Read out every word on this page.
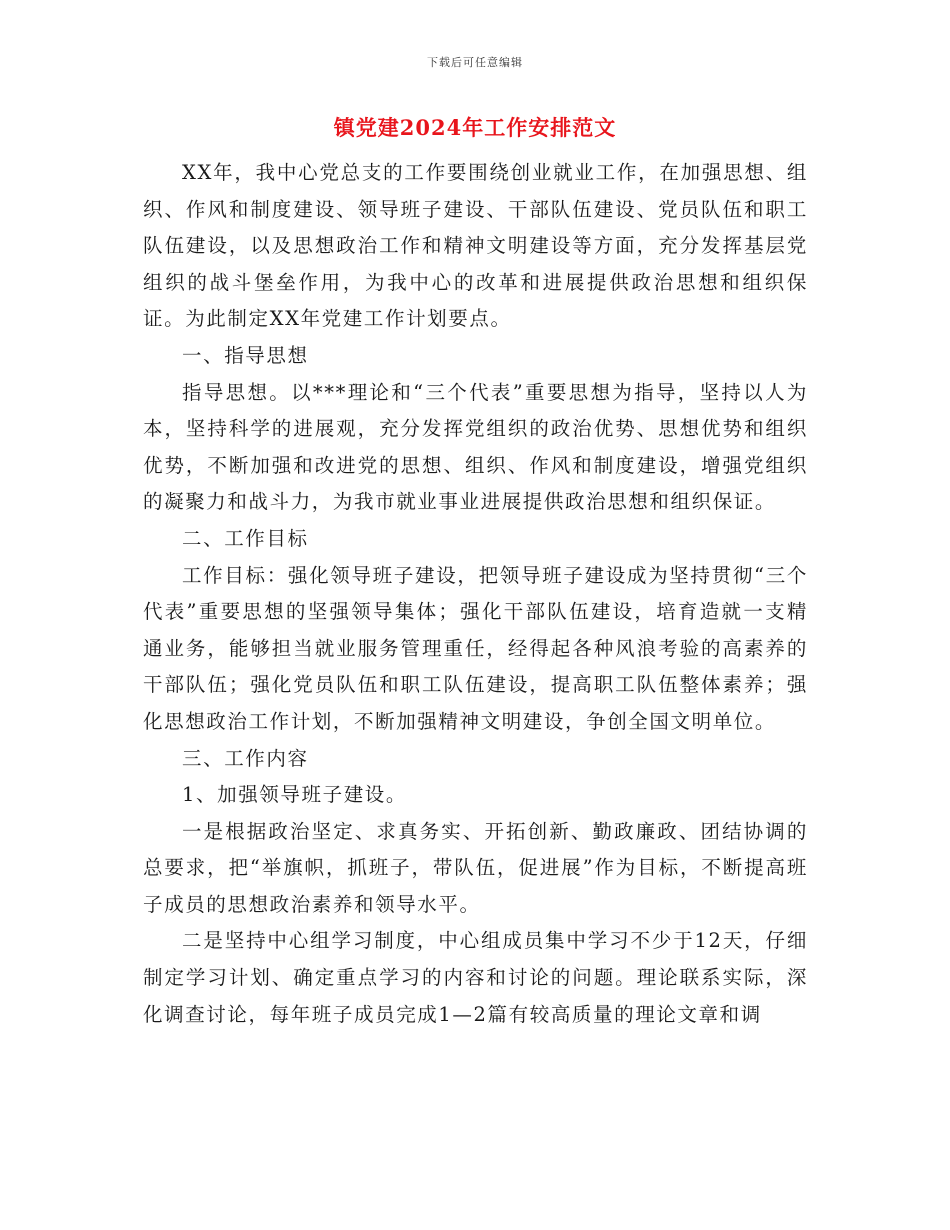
下载后可任意编辑
镇党建2024年工作安排范文

XX年，我中心党总支的工作要围绕创业就业工作，在加强思想、组织、作风和制度建设、领导班子建设、干部队伍建设、党员队伍和职工队伍建设，以及思想政治工作和精神文明建设等方面，充分发挥基层党组织的战斗堡垒作用，为我中心的改革和进展提供政治思想和组织保证。为此制定XX年党建工作计划要点。

一、指导思想

指导思想。以***理论和“三个代表”重要思想为指导，坚持以人为本，坚持科学的进展观，充分发挥党组织的政治优势、思想优势和组织优势，不断加强和改进党的思想、组织、作风和制度建设，增强党组织的凝聚力和战斗力，为我市就业事业进展提供政治思想和组织保证。

二、工作目标

工作目标：强化领导班子建设，把领导班子建设成为坚持贯彻“三个代表”重要思想的坚强领导集体；强化干部队伍建设，培育造就一支精通业务，能够担当就业服务管理重任，经得起各种风浪考验的高素养的干部队伍；强化党员队伍和职工队伍建设，提高职工队伍整体素养；强化思想政治工作计划，不断加强精神文明建设，争创全国文明单位。

三、工作内容

1、加强领导班子建设。

一是根据政治坚定、求真务实、开拓创新、勤政廉政、团结协调的总要求，把“举旗帜，抓班子，带队伍，促进展”作为目标，不断提高班子成员的思想政治素养和领导水平。

二是坚持中心组学习制度，中心组成员集中学习不少于12天，仔细制定学习计划、确定重点学习的内容和讨论的问题。理论联系实际，深化调查讨论，每年班子成员完成1—2篇有较高质量的理论文章和调
